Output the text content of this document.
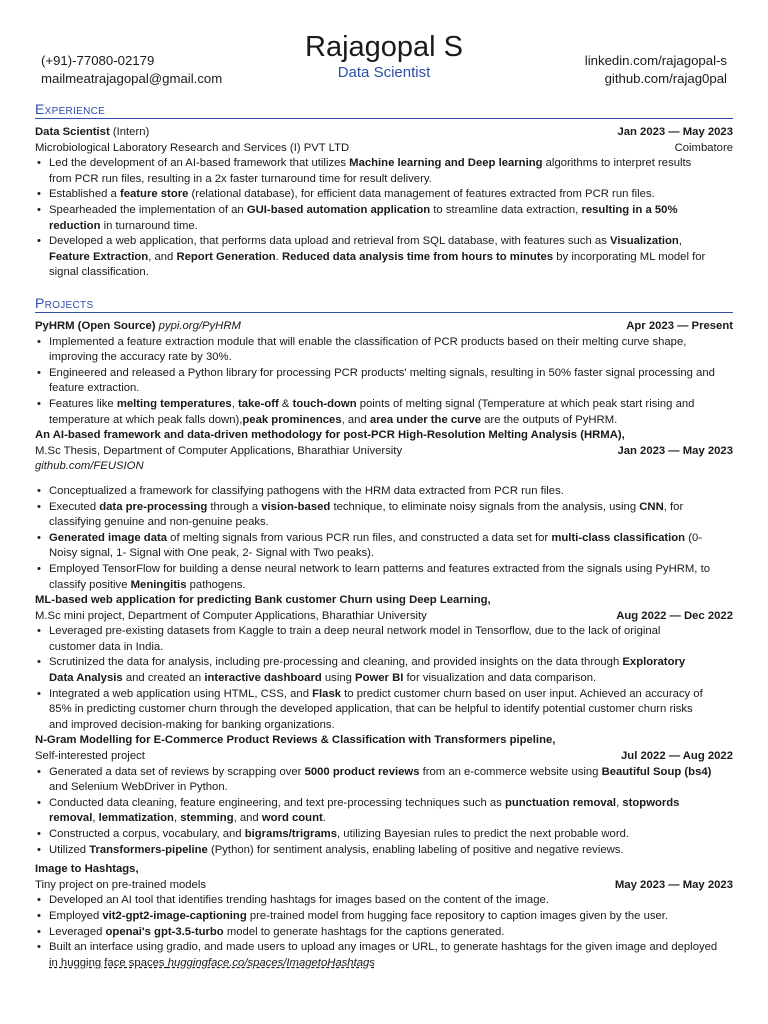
(+91)-77080-02179
mailmeatrajagopal@gmail.com
Rajagopal S
Data Scientist
linkedin.com/rajagopal-s
github.com/rajag0pal
Experience
Data Scientist (Intern)	Jan 2023 — May 2023
Microbiological Laboratory Research and Services (I) PVT LTD	Coimbatore
• Led the development of an AI-based framework that utilizes Machine learning and Deep learning algorithms to interpret results
from PCR run files, resulting in a 2x faster turnaround time for result delivery.
• Established a feature store (relational database), for efficient data management of features extracted from PCR run files.
• Spearheaded the implementation of an GUI-based automation application to streamline data extraction, resulting in a 50%
reduction in turnaround time.
• Developed a web application, that performs data upload and retrieval from SQL database, with features such as Visualization,
Feature Extraction, and Report Generation. Reduced data analysis time from hours to minutes by incorporating ML model for
signal classification.
Projects
PyHRM (Open Source) pypi.org/PyHRM	Apr 2023 — Present
• Implemented a feature extraction module that will enable the classification of PCR products based on their melting curve shape,
improving the accuracy rate by 30%.
• Engineered and released a Python library for processing PCR products' melting signals, resulting in 50% faster signal processing and
feature extraction.
• Features like melting temperatures, take-off & touch-down points of melting signal (Temperature at which peak start rising and
temperature at which peak falls down),peak prominences, and area under the curve are the outputs of PyHRM.
An AI-based framework and data-driven methodology for post-PCR High-Resolution Melting Analysis (HRMA),
M.Sc Thesis, Department of Computer Applications, Bharathiar University	Jan 2023 — May 2023
github.com/FEUSION
• Conceptualized a framework for classifying pathogens with the HRM data extracted from PCR run files.
• Executed data pre-processing through a vision-based technique, to eliminate noisy signals from the analysis, using CNN, for
classifying genuine and non-genuine peaks.
• Generated image data of melting signals from various PCR run files, and constructed a data set for multi-class classification (0-
Noisy signal, 1- Signal with One peak, 2- Signal with Two peaks).
• Employed TensorFlow for building a dense neural network to learn patterns and features extracted from the signals using PyHRM, to
classify positive Meningitis pathogens.
ML-based web application for predicting Bank customer Churn using Deep Learning,
M.Sc mini project, Department of Computer Applications, Bharathiar University	Aug 2022 — Dec 2022
• Leveraged pre-existing datasets from Kaggle to train a deep neural network model in Tensorflow, due to the lack of original
customer data in India.
• Scrutinized the data for analysis, including pre-processing and cleaning, and provided insights on the data through Exploratory
Data Analysis and created an interactive dashboard using Power BI for visualization and data comparison.
• Integrated a web application using HTML, CSS, and Flask to predict customer churn based on user input. Achieved an accuracy of
85% in predicting customer churn through the developed application, that can be helpful to identify potential customer churn risks
and improved decision-making for banking organizations.
N-Gram Modelling for E-Commerce Product Reviews & Classification with Transformers pipeline,
Self-interested project	Jul 2022 — Aug 2022
• Generated a data set of reviews by scrapping over 5000 product reviews from an e-commerce website using Beautiful Soup (bs4)
and Selenium WebDriver in Python.
• Conducted data cleaning, feature engineering, and text pre-processing techniques such as punctuation removal, stopwords
removal, lemmatization, stemming, and word count.
• Constructed a corpus, vocabulary, and bigrams/trigrams, utilizing Bayesian rules to predict the next probable word.
• Utilized Transformers-pipeline (Python) for sentiment analysis, enabling labeling of positive and negative reviews.
Image to Hashtags,
Tiny project on pre-trained models	May 2023 — May 2023
• Developed an AI tool that identifies trending hashtags for images based on the content of the image.
• Employed vit2-gpt2-image-captioning pre-trained model from hugging face repository to caption images given by the user.
• Leveraged openai's gpt-3.5-turbo model to generate hashtags for the captions generated.
• Built an interface using gradio, and made users to upload any images or URL, to generate hashtags for the given image and deployed
in hugging face spaces huggingface.co/spaces/ImagetoHashtags
